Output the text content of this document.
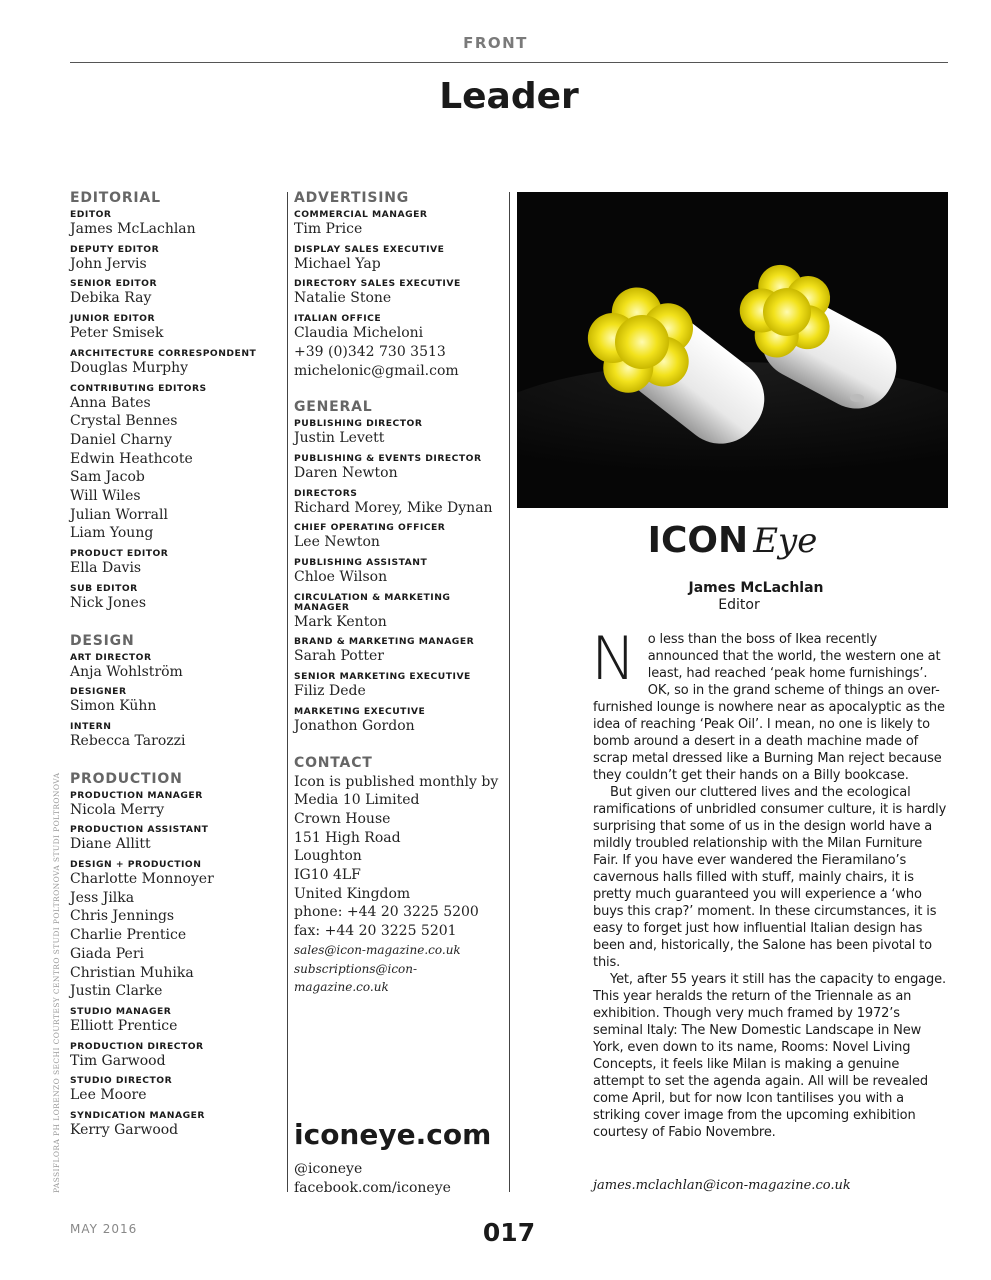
FRONT
Leader
EDITORIAL
EDITOR
James McLachlan
DEPUTY EDITOR
John Jervis
SENIOR EDITOR
Debika Ray
JUNIOR EDITOR
Peter Smisek
ARCHITECTURE CORRESPONDENT
Douglas Murphy
CONTRIBUTING EDITORS
Anna Bates
Crystal Bennes
Daniel Charny
Edwin Heathcote
Sam Jacob
Will Wiles
Julian Worrall
Liam Young
PRODUCT EDITOR
Ella Davis
SUB EDITOR
Nick Jones
DESIGN
ART DIRECTOR
Anja Wohlström
DESIGNER
Simon Kühn
INTERN
Rebecca Tarozzi
PRODUCTION
PRODUCTION MANAGER
Nicola Merry
PRODUCTION ASSISTANT
Diane Allitt
DESIGN + PRODUCTION
Charlotte Monnoyer
Jess Jilka
Chris Jennings
Charlie Prentice
Giada Peri
Christian Muhika
Justin Clarke
STUDIO MANAGER
Elliott Prentice
PRODUCTION DIRECTOR
Tim Garwood
STUDIO DIRECTOR
Lee Moore
SYNDICATION MANAGER
Kerry Garwood
ADVERTISING
COMMERCIAL MANAGER
Tim Price
DISPLAY SALES EXECUTIVE
Michael Yap
DIRECTORY SALES EXECUTIVE
Natalie Stone
ITALIAN OFFICE
Claudia Micheloni
+39 (0)342 730 3513
michelonic@gmail.com
GENERAL
PUBLISHING DIRECTOR
Justin Levett
PUBLISHING & EVENTS DIRECTOR
Daren Newton
DIRECTORS
Richard Morey, Mike Dynan
CHIEF OPERATING OFFICER
Lee Newton
PUBLISHING ASSISTANT
Chloe Wilson
CIRCULATION & MARKETING MANAGER
Mark Kenton
BRAND & MARKETING MANAGER
Sarah Potter
SENIOR MARKETING EXECUTIVE
Filiz Dede
MARKETING EXECUTIVE
Jonathon Gordon
CONTACT
Icon is published monthly by
Media 10 Limited
Crown House
151 High Road
Loughton
IG10 4LF
United Kingdom
phone: +44 20 3225 5200
fax: +44 20 3225 5201
sales@icon-magazine.co.uk
subscriptions@icon-magazine.co.uk
iconeye.com
@iconeye
facebook.com/iconeye
ICON Eye
James McLachlan
Editor

No less than the boss of Ikea recently announced that the world, the western one at least, had reached ‘peak home furnishings’. OK, so in the grand scheme of things an over-furnished lounge is nowhere near as apocalyptic as the idea of reaching ‘Peak Oil’. I mean, no one is likely to bomb around a desert in a death machine made of scrap metal dressed like a Burning Man reject because they couldn’t get their hands on a Billy bookcase.

But given our cluttered lives and the ecological ramifications of unbridled consumer culture, it is hardly surprising that some of us in the design world have a mildly troubled relationship with the Milan Furniture Fair. If you have ever wandered the Fieramilano’s cavernous halls filled with stuff, mainly chairs, it is pretty much guaranteed you will experience a ‘who buys this crap?’ moment. In these circumstances, it is easy to forget just how influential Italian design has been and, historically, the Salone has been pivotal to this.

Yet, after 55 years it still has the capacity to engage. This year heralds the return of the Triennale as an exhibition. Though very much framed by 1972’s seminal Italy: The New Domestic Landscape in New York, even down to its name, Rooms: Novel Living Concepts, it feels like Milan is making a genuine attempt to set the agenda again. All will be revealed come April, but for now Icon tantilises you with a striking cover image from the upcoming exhibition courtesy of Fabio Novembre.

james.mclachlan@icon-magazine.co.uk
PASSIFLORA PH LORENZO SECHI COURTESY CENTRO STUDI POLTRONOVA STUDI POLTRONOVA
MAY 2016	017
